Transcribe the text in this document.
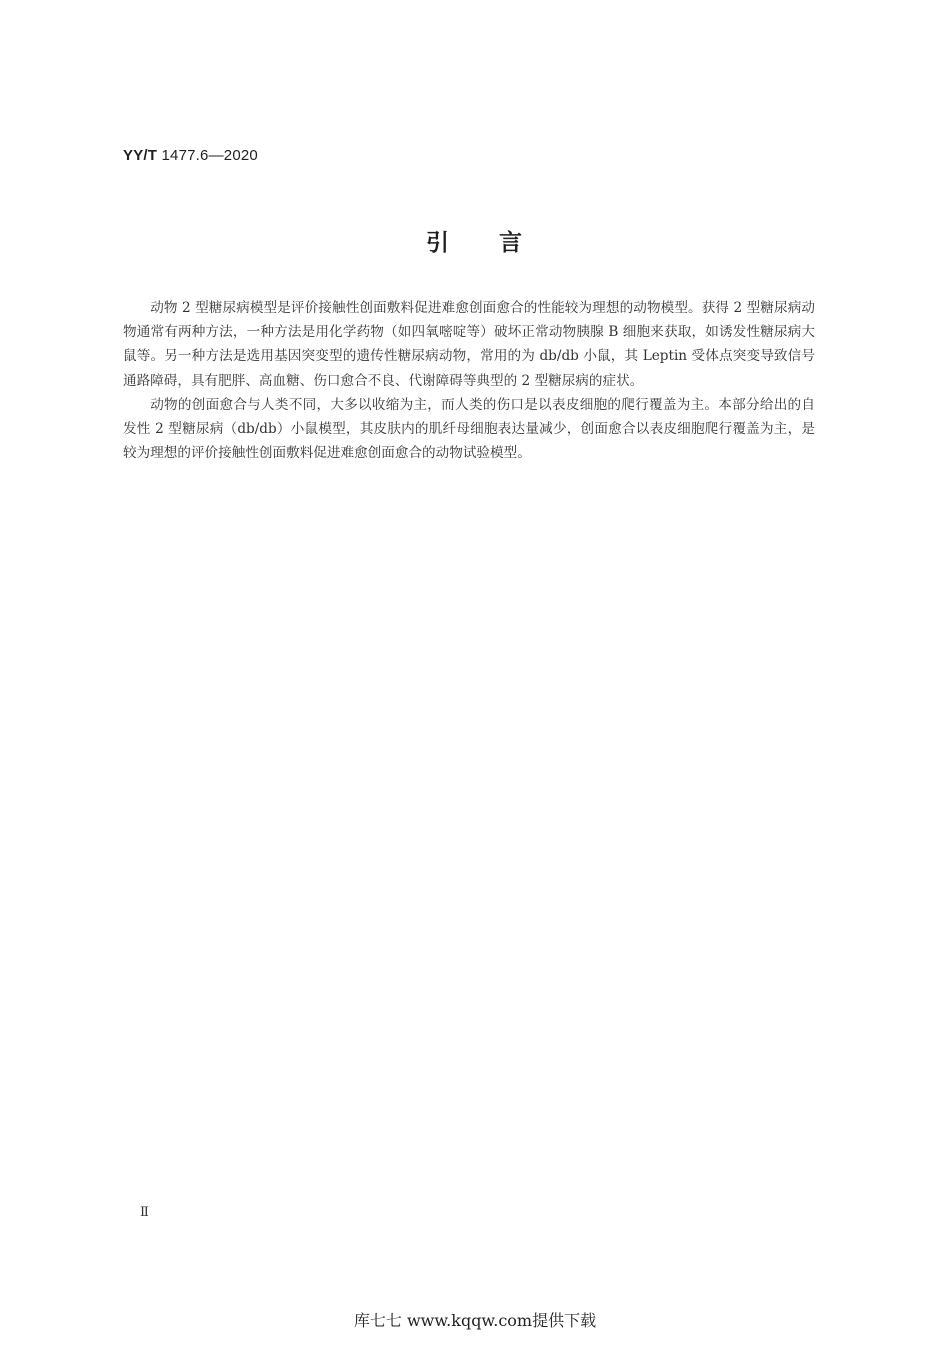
YY/T 1477.6—2020
引言

动物 2 型糖尿病模型是评价接触性创面敷料促进难愈创面愈合的性能较为理想的动物模型。获得 2 型糖尿病动物通常有两种方法，一种方法是用化学药物（如四氧嘧啶等）破坏正常动物胰腺 B 细胞来获取，如诱发性糖尿病大鼠等。另一种方法是选用基因突变型的遗传性糖尿病动物，常用的为 db/db 小鼠，其 Leptin 受体点突变导致信号通路障碍，具有肥胖、高血糖、伤口愈合不良、代谢障碍等典型的 2 型糖尿病的症状。

动物的创面愈合与人类不同，大多以收缩为主，而人类的伤口是以表皮细胞的爬行覆盖为主。本部分给出的自发性 2 型糖尿病（db/db）小鼠模型，其皮肤内的肌纤母细胞表达量减少，创面愈合以表皮细胞爬行覆盖为主，是较为理想的评价接触性创面敷料促进难愈创面愈合的动物试验模型。

Ⅱ
库七七 www.kqqw.com提供下载
